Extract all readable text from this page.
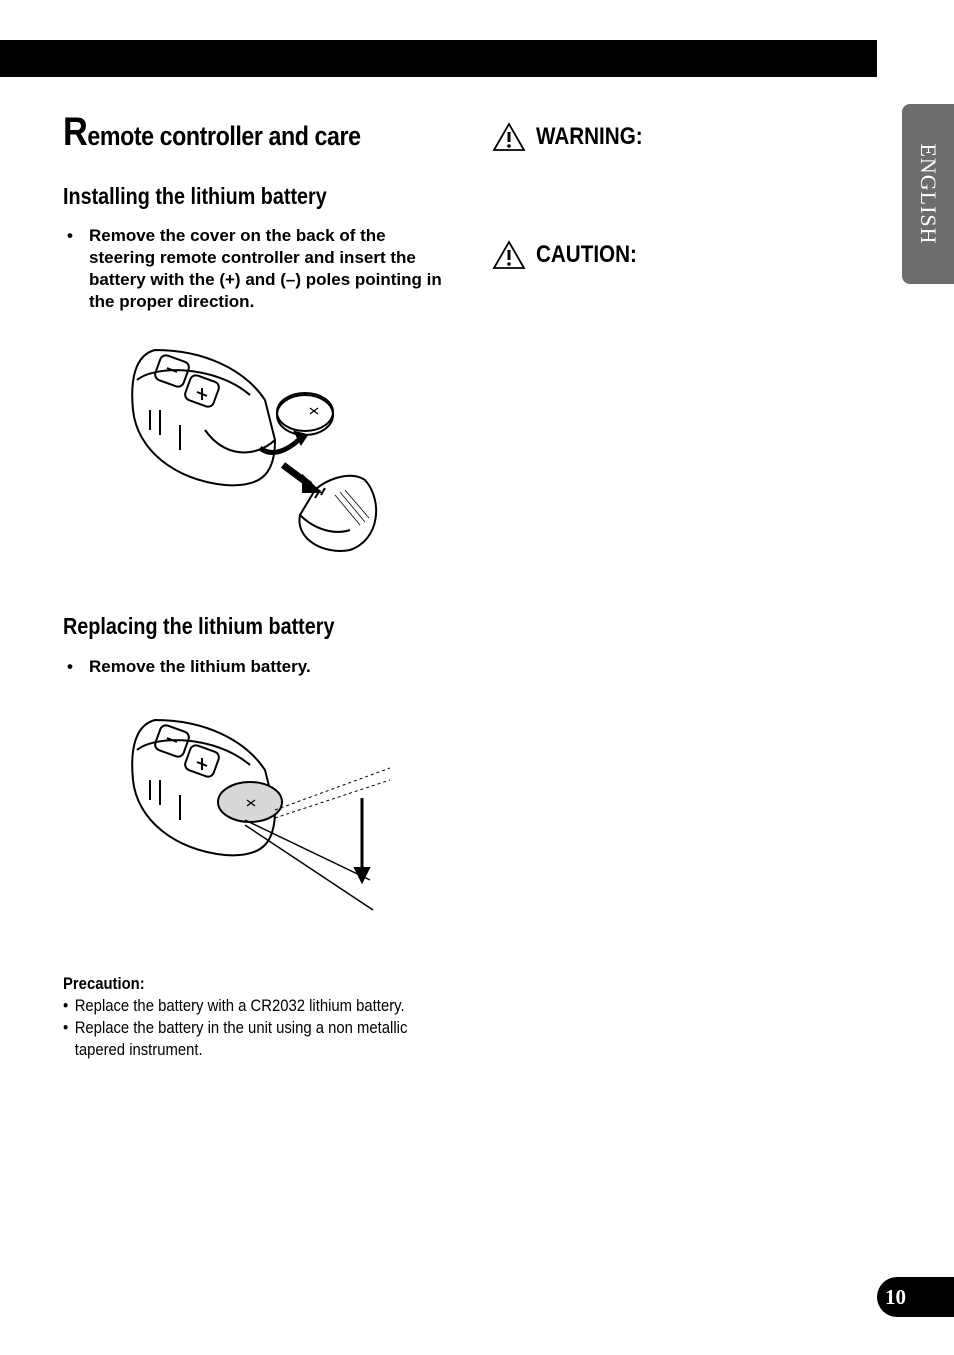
ENGLISH
Remote controller and care
Installing the lithium battery
• Remove the cover on the back of the steering remote controller and insert the battery with the (+) and (–) poles pointing in the proper direction.
Replacing the lithium battery
• Remove the lithium battery.
Precaution:
• Replace the battery with a CR2032 lithium battery.
• Replace the battery in the unit using a non metallic
tapered instrument.
WARNING:
CAUTION:
10
